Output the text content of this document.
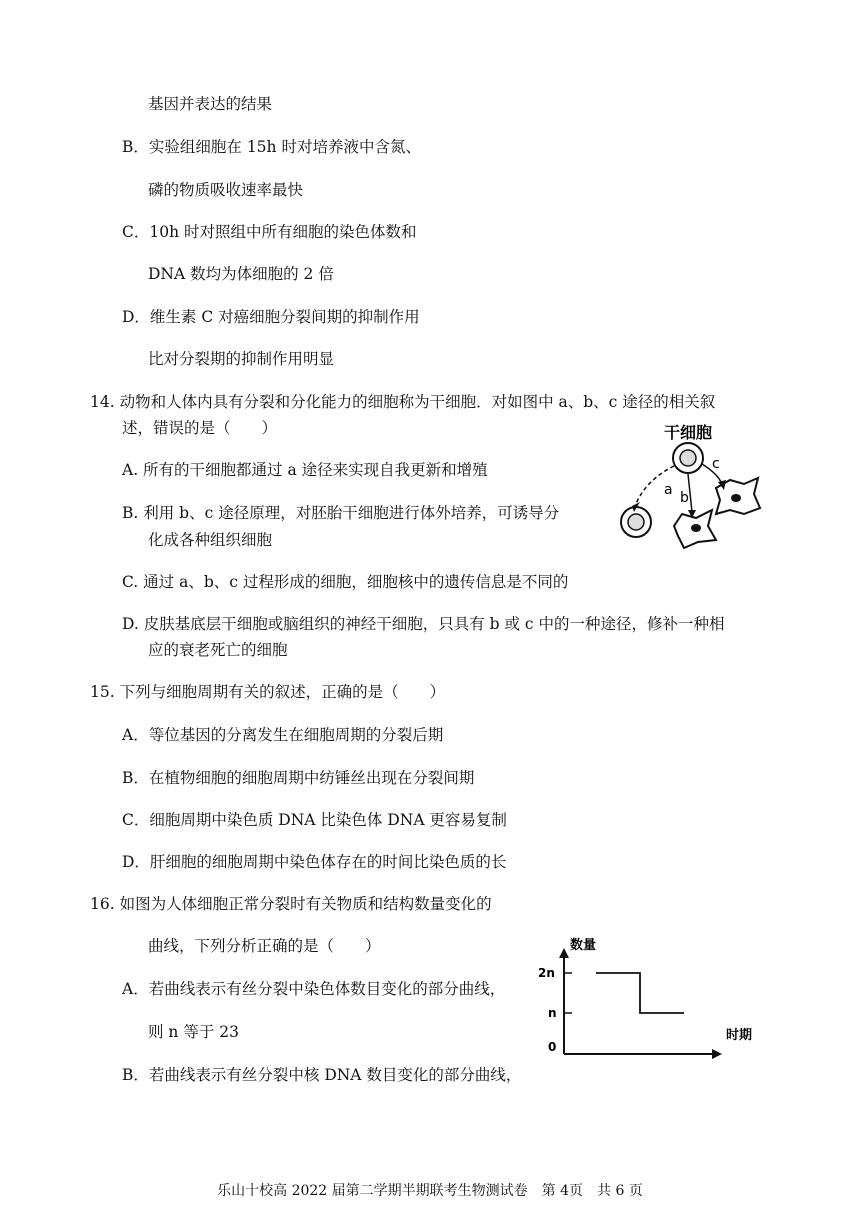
基因并表达的结果
B．实验组细胞在 15h 时对培养液中含氮、
磷的物质吸收速率最快
C．10h 时对照组中所有细胞的染色体数和
DNA 数均为体细胞的 2 倍
D．维生素 C 对癌细胞分裂间期的抑制作用
比对分裂期的抑制作用明显
14. 动物和人体内具有分裂和分化能力的细胞称为干细胞．对如图中 a、b、c 途径的相关叙
述，错误的是（　　）
A. 所有的干细胞都通过 a 途径来实现自我更新和增殖
B. 利用 b、c 途径原理，对胚胎干细胞进行体外培养，可诱导分
化成各种组织细胞
C. 通过 a、b、c 过程形成的细胞，细胞核中的遗传信息是不同的
D. 皮肤基底层干细胞或脑组织的神经干细胞，只具有 b 或 c 中的一种途径，修补一种相
应的衰老死亡的细胞
干细胞
a b
c
15. 下列与细胞周期有关的叙述，正确的是（　　）
A．等位基因的分离发生在细胞周期的分裂后期
B．在植物细胞的细胞周期中纺锤丝出现在分裂间期
C．细胞周期中染色质 DNA 比染色体 DNA 更容易复制
D．肝细胞的细胞周期中染色体存在的时间比染色质的长
16. 如图为人体细胞正常分裂时有关物质和结构数量变化的
曲线，下列分析正确的是（　　）
A．若曲线表示有丝分裂中染色体数目变化的部分曲线，
则 n 等于 23
B．若曲线表示有丝分裂中核 DNA 数目变化的部分曲线，
数量
时期
2n
n
0
乐山十校高 2022 届第二学期半期联考生物测试卷　第 4页　共 6 页
